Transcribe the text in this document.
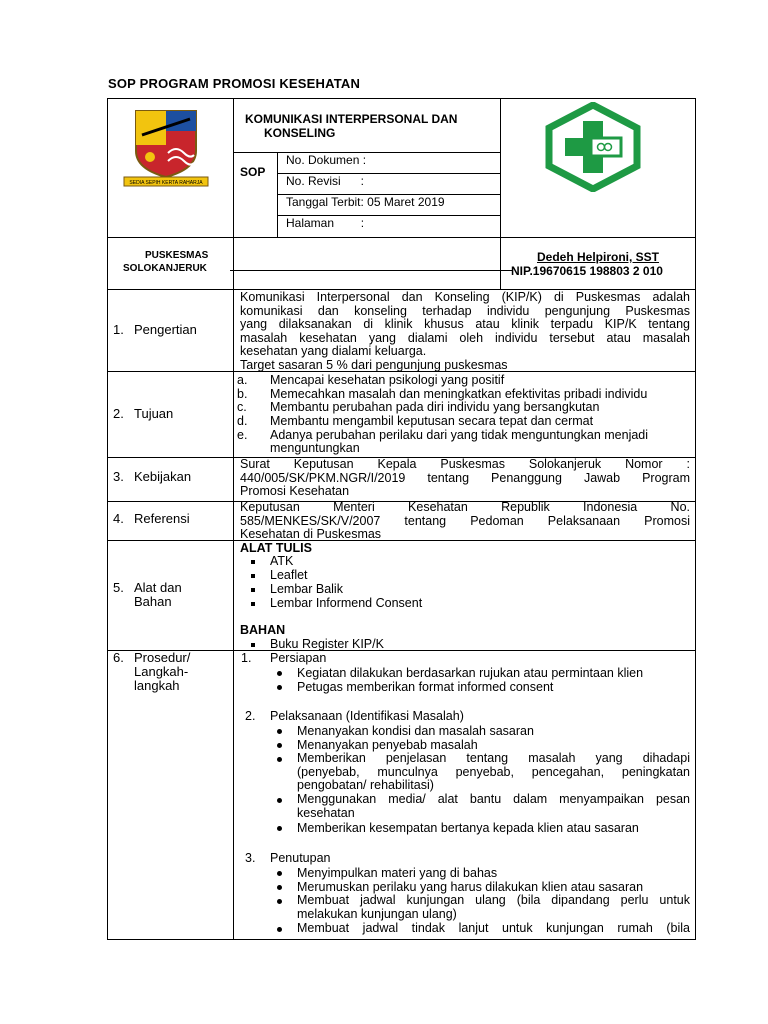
SOP PROGRAM PROMOSI KESEHATAN
SEDIA SEPIH KERTA RAHARJA
KOMUNIKASI INTERPERSONAL DAN
KONSELING
SOP
No. Dokumen :
No. Revisi      :
Tanggal Terbit: 05 Maret 2019
Halaman        :
PUSKESMAS
SOLOKANJERUK
Dedeh Helpironi, SST
NIP.19670615 198803 2 010
1. Pengertian
Komunikasi Interpersonal dan Konseling (KIP/K) di Puskesmas adalah
komunikasi dan konseling terhadap individu pengunjung Puskesmas
yang dilaksanakan di klinik khusus atau klinik terpadu KIP/K tentang
masalah kesehatan yang dialami oleh individu tersebut atau masalah
kesehatan yang dialami keluarga.
Target sasaran 5 % dari pengunjung puskesmas
2. Tujuan
a. Mencapai kesehatan psikologi yang positif
b. Memecahkan masalah dan meningkatkan efektivitas pribadi individu
c. Membantu perubahan pada diri individu yang bersangkutan
d. Membantu mengambil keputusan secara tepat dan cermat
e. Adanya perubahan perilaku dari yang tidak menguntungkan menjadi
menguntungkan
3. Kebijakan
Surat    Keputusan    Kepala    Puskesmas    Solokanjeruk    Nomor    :
440/005/SK/PKM.NGR/I/2019 tentang Penanggung Jawab Program
Promosi Kesehatan
4. Referensi
Keputusan      Menteri      Kesehatan      Republik      Indonesia      No.
585/MENKES/SK/V/2007 tentang Pedoman Pelaksanaan Promosi
Kesehatan di Puskesmas
5. Alat dan
Bahan
ALAT TULIS
ATK
Leaflet
Lembar Balik
Lembar Informend Consent
BAHAN
Buku Register KIP/K
6. Prosedur/
Langkah-
langkah
1. Persiapan
Kegiatan dilakukan berdasarkan rujukan atau permintaan klien
Petugas memberikan format informed consent
2. Pelaksanaan (Identifikasi Masalah)
Menanyakan kondisi dan masalah sasaran
Menanyakan penyebab masalah
Memberikan   penjelasan   tentang   masalah   yang   dihadapi
(penyebab, munculnya penyebab, pencegahan, peningkatan
pengobatan/ rehabilitasi)
Menggunakan media/ alat bantu dalam menyampaikan pesan
kesehatan
Memberikan kesempatan bertanya kepada klien atau sasaran
3. Penutupan
Menyimpulkan materi yang di bahas
Merumuskan perilaku yang harus dilakukan klien atau sasaran
Membuat  jadwal  kunjungan  ulang  (bila  dipandang  perlu  untuk
melakukan kunjungan ulang)
Membuat  jadwal  tindak  lanjut  untuk  kunjungan  rumah  (bila
